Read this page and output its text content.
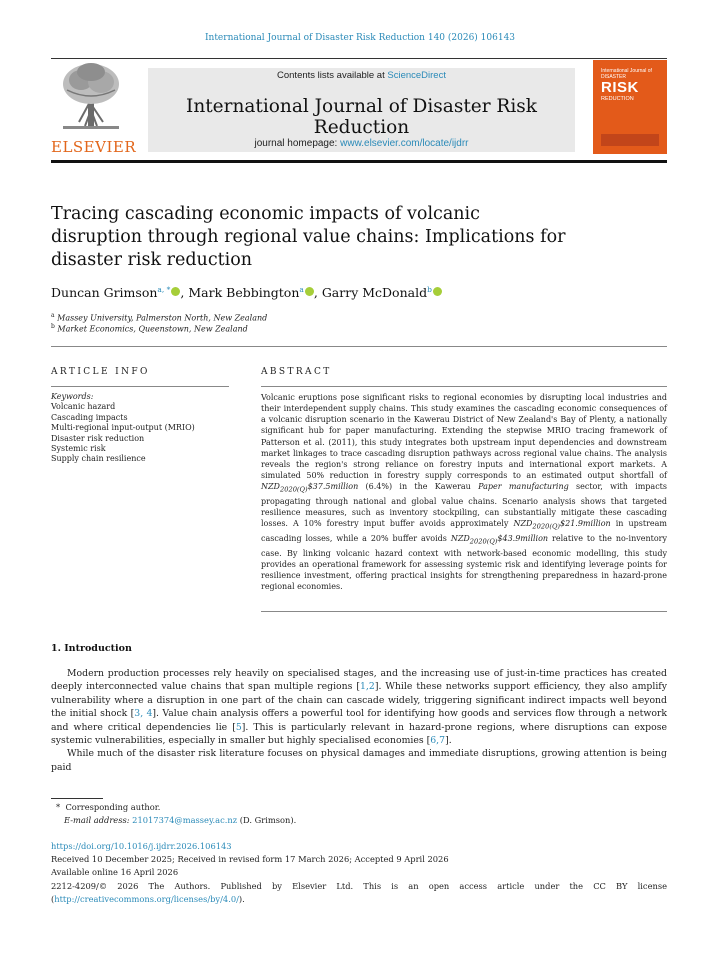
International Journal of Disaster Risk Reduction 140 (2026) 106143
ELSEVIER
Contents lists available at ScienceDirect
International Journal of Disaster Risk Reduction
journal homepage: www.elsevier.com/locate/ijdrr
International Journal of
DISASTER
RISK
REDUCTION
Tracing cascading economic impacts of volcanic disruption through regional value chains: Implications for disaster risk reduction
Duncan Grimson$^{a, *}$ , Mark Bebbington$^a$ , Garry McDonald$^b$
$^a$ Massey University, Palmerston North, New Zealand
$^b$ Market Economics, Queenstown, New Zealand
ARTICLE INFO	ABSTRACT
Keywords:
Volcanic hazard
Cascading impacts
Multi-regional input-output (MRIO)
Disaster risk reduction
Systemic risk
Supply chain resilience
Volcanic eruptions pose significant risks to regional economies by disrupting local industries and their interdependent supply chains. This study examines the cascading economic consequences of a volcanic disruption scenario in the Kawerau District of New Zealand's Bay of Plenty, a nationally significant hub for paper manufacturing. Extending the stepwise MRIO tracing framework of Patterson et al. (2011), this study integrates both upstream input dependencies and downstream market linkages to trace cascading disruption pathways across regional value chains. The analysis reveals the region's strong reliance on forestry inputs and international export markets. A simulated 50% reduction in forestry supply corresponds to an estimated output shortfall of $NZD_{2020(Q)}\$37.5million$ (6.4%) in the Kawerau Paper manufacturing sector, with impacts propagating through national and global value chains. Scenario analysis shows that targeted resilience measures, such as inventory stockpiling, can substantially mitigate these cascading losses. A 10% forestry input buffer avoids approximately $NZD_{2020(Q)}\$21.9million$ in upstream cascading losses, while a 20% buffer avoids $NZD_{2020(Q)}\$43.9million$ relative to the no-inventory case. By linking volcanic hazard context with network-based economic modelling, this study provides an operational framework for assessing systemic risk and identifying leverage points for resilience investment, offering practical insights for strengthening preparedness in hazard-prone regional economies.
1. Introduction

Modern production processes rely heavily on specialised stages, and the increasing use of just-in-time practices has created deeply interconnected value chains that span multiple regions [1,2]. While these networks support efficiency, they also amplify vulnerability where a disruption in one part of the chain can cascade widely, triggering significant indirect impacts well beyond the initial shock [3, 4]. Value chain analysis offers a powerful tool for identifying how goods and services flow through a network and where critical dependencies lie [5]. This is particularly relevant in hazard-prone regions, where disruptions can expose systemic vulnerabilities, especially in smaller but highly specialised economies [6,7].

While much of the disaster risk literature focuses on physical damages and immediate disruptions, growing attention is being paid

* Corresponding author.
E-mail address: 21017374@massey.ac.nz (D. Grimson).
https://doi.org/10.1016/j.ijdrr.2026.106143
Received 10 December 2025; Received in revised form 17 March 2026; Accepted 9 April 2026
Available online 16 April 2026
2212-4209/© 2026 The Authors. Published by Elsevier Ltd. This is an open access article under the CC BY license
(http://creativecommons.org/licenses/by/4.0/).
